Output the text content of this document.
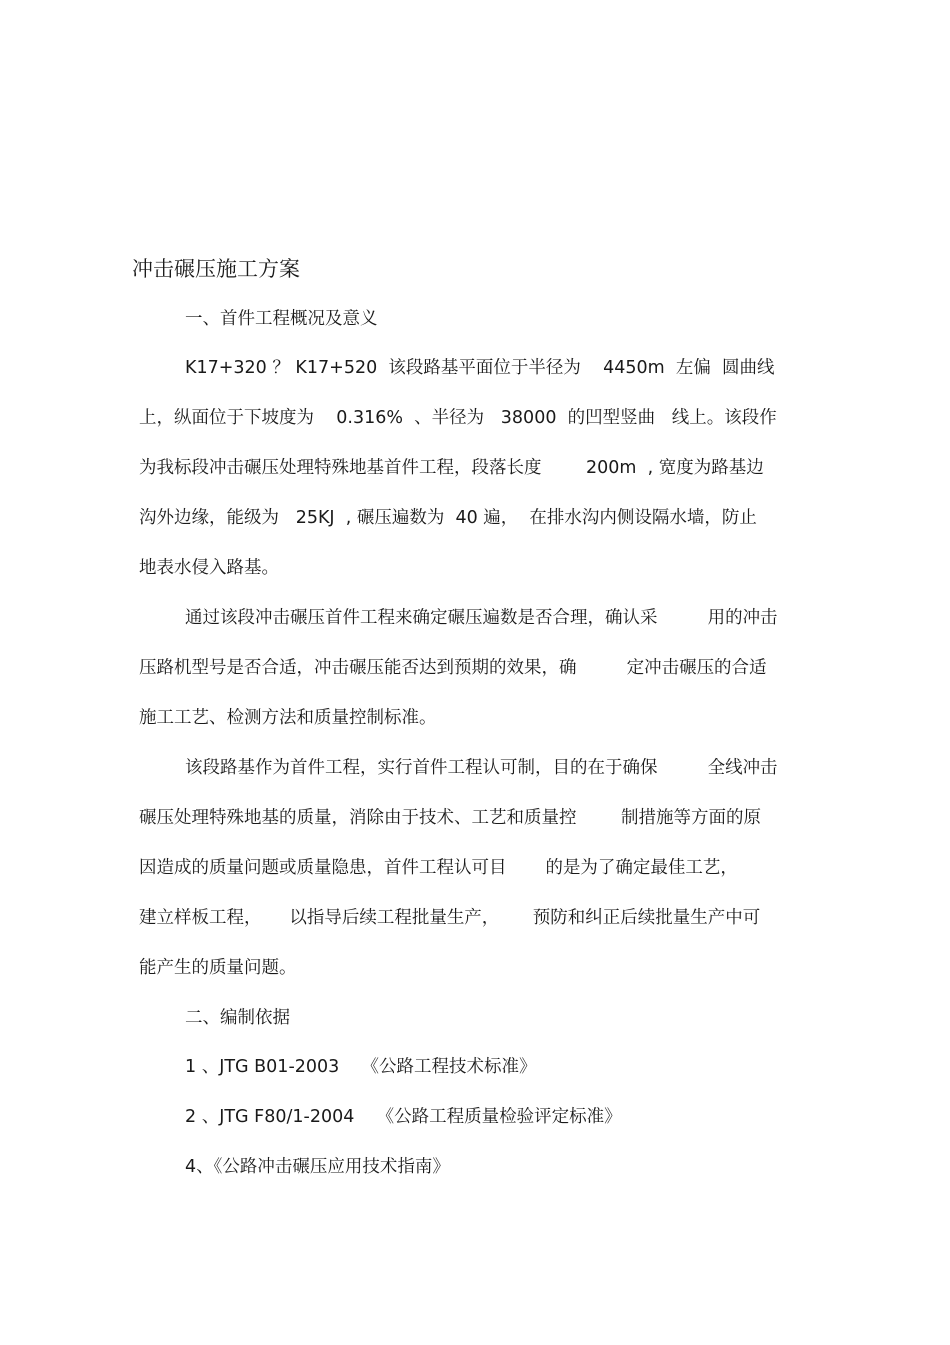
冲击碾压施工方案
一、首件工程概况及意义
K17+320 ？ K17+520  该段路基平面位于半径为    4450m  左偏  圆曲线
上，纵面位于下坡度为    0.316%  、半径为   38000  的凹型竖曲   线上。该段作
为我标段冲击碾压处理特殊地基首件工程，段落长度        200m  , 宽度为路基边
沟外边缘，能级为   25KJ  , 碾压遍数为  40 遍，  在排水沟内侧设隔水墙，防止
地表水侵入路基。
通过该段冲击碾压首件工程来确定碾压遍数是否合理，确认采         用的冲击
压路机型号是否合适，冲击碾压能否达到预期的效果，确         定冲击碾压的合适
施工工艺、检测方法和质量控制标准。
该段路基作为首件工程，实行首件工程认可制，目的在于确保         全线冲击
碾压处理特殊地基的质量，消除由于技术、工艺和质量控        制措施等方面的原
因造成的质量问题或质量隐患，首件工程认可目       的是为了确定最佳工艺，
建立样板工程，     以指导后续工程批量生产，      预防和纠正后续批量生产中可
能产生的质量问题。
二、编制依据
1 、JTG B01-2003    《公路工程技术标准》
2 、JTG F80/1-2004    《公路工程质量检验评定标准》
4、《公路冲击碾压应用技术指南》
